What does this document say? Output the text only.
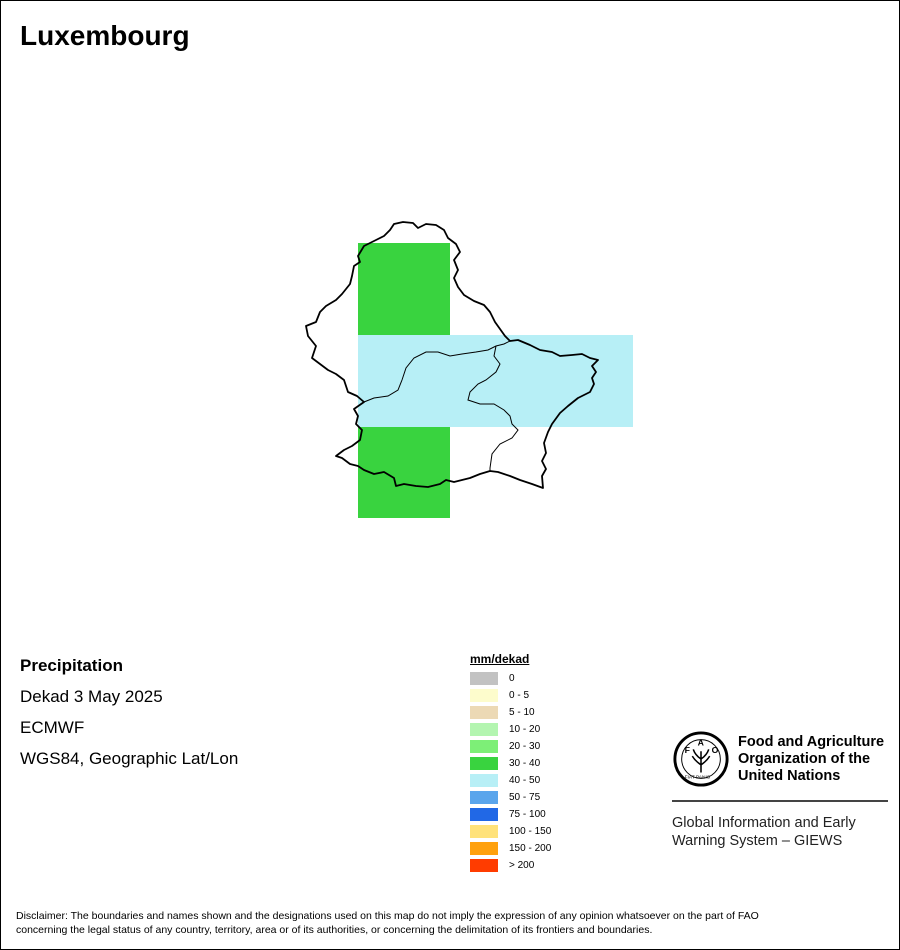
Luxembourg
Precipitation
Dekad 3 May 2025
ECMWF
WGS84, Geographic Lat/Lon
mm/dekad
0
0 - 5
5 - 10
10 - 20
20 - 30
30 - 40
40 - 50
50 - 75
75 - 100
100 - 150
150 - 200
> 200
F
A
O
FIAT PANIS
Food and Agriculture
Organization of the
United Nations
Global Information and Early
Warning System – GIEWS
Disclaimer: The boundaries and names shown and the designations used on this map do not imply the expression of any opinion whatsoever on the part of FAO
concerning the legal status of any country, territory, area or of its authorities, or concerning the delimitation of its frontiers and boundaries.
